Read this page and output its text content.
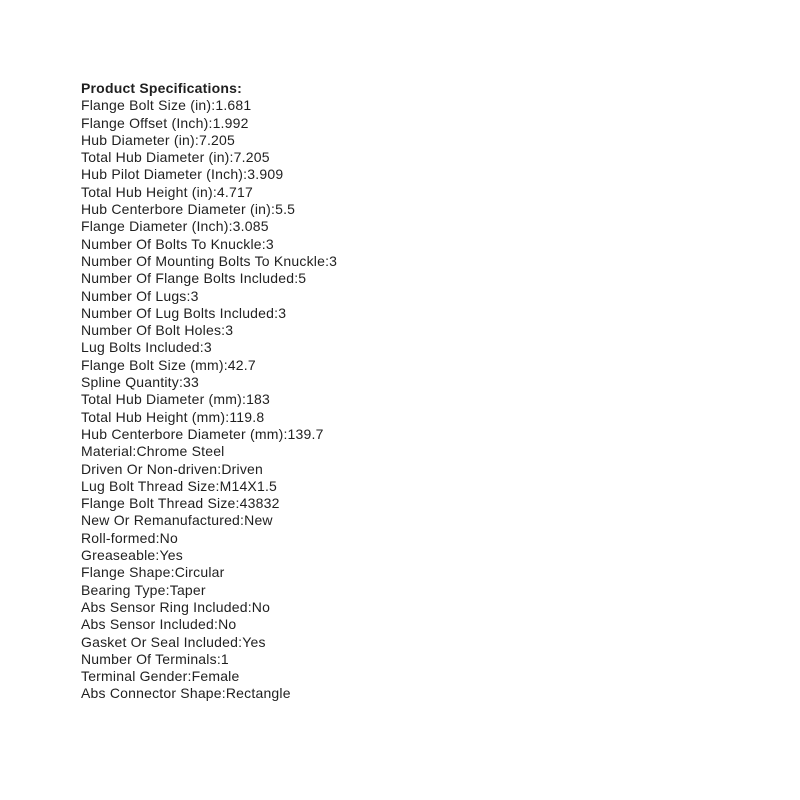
Product Specifications:
Flange Bolt Size (in):1.681
Flange Offset (Inch):1.992
Hub Diameter (in):7.205
Total Hub Diameter (in):7.205
Hub Pilot Diameter (Inch):3.909
Total Hub Height (in):4.717
Hub Centerbore Diameter (in):5.5
Flange Diameter (Inch):3.085
Number Of Bolts To Knuckle:3
Number Of Mounting Bolts To Knuckle:3
Number Of Flange Bolts Included:5
Number Of Lugs:3
Number Of Lug Bolts Included:3
Number Of Bolt Holes:3
Lug Bolts Included:3
Flange Bolt Size (mm):42.7
Spline Quantity:33
Total Hub Diameter (mm):183
Total Hub Height (mm):119.8
Hub Centerbore Diameter (mm):139.7
Material:Chrome Steel
Driven Or Non-driven:Driven
Lug Bolt Thread Size:M14X1.5
Flange Bolt Thread Size:43832
New Or Remanufactured:New
Roll-formed:No
Greaseable:Yes
Flange Shape:Circular
Bearing Type:Taper
Abs Sensor Ring Included:No
Abs Sensor Included:No
Gasket Or Seal Included:Yes
Number Of Terminals:1
Terminal Gender:Female
Abs Connector Shape:Rectangle
